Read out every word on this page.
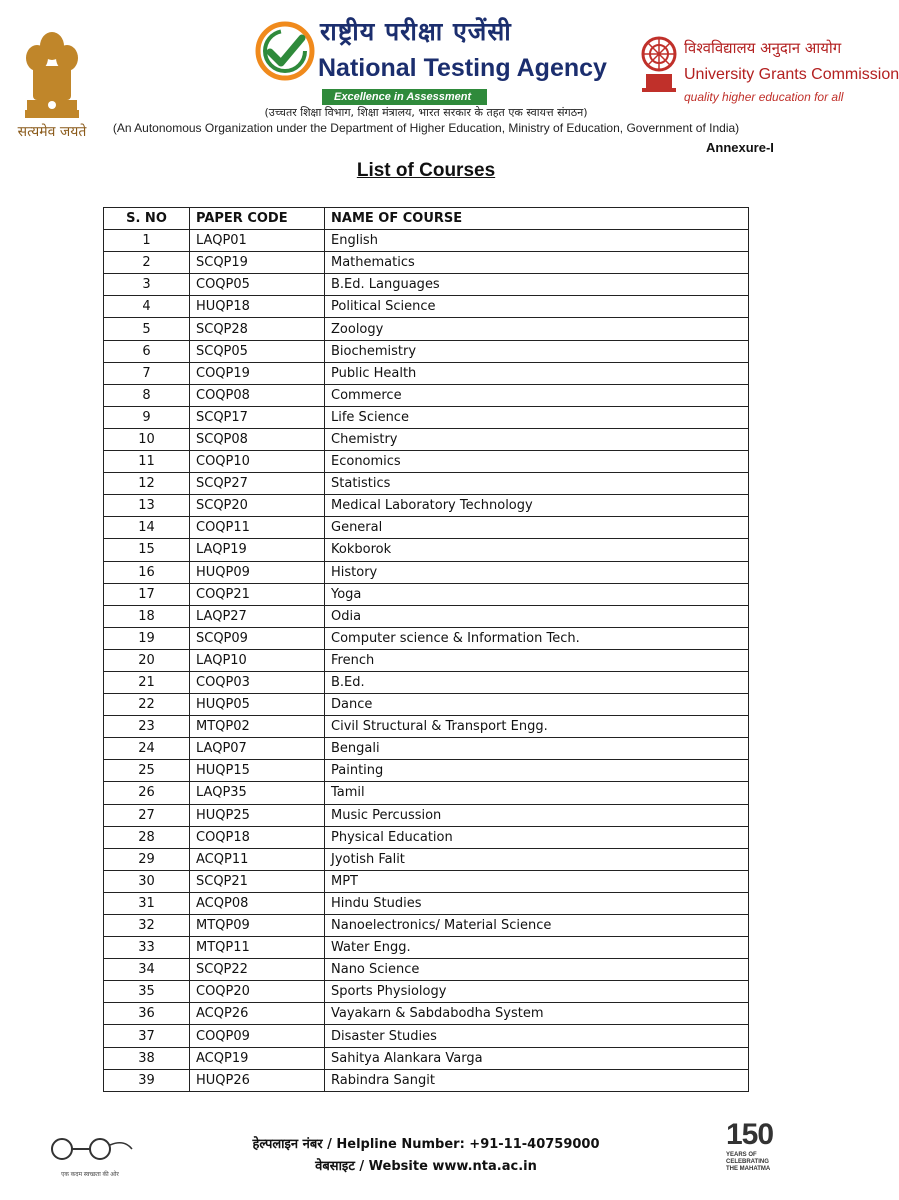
सत्यमेव जयते
राष्ट्रीय परीक्षा एजेंसी
National Testing Agency
Excellence in Assessment
विश्वविद्यालय अनुदान आयोग
University Grants Commission
quality higher education for all
(उच्चतर शिक्षा विभाग, शिक्षा मंत्रालय, भारत सरकार के तहत एक स्वायत्त संगठन)
(An Autonomous Organization under the Department of Higher Education, Ministry of Education, Government of India)
Annexure-I
List of Courses
S. NO	PAPER CODE	NAME OF COURSE
1	LAQP01	English
2	SCQP19	Mathematics
3	COQP05	B.Ed. Languages
4	HUQP18	Political Science
5	SCQP28	Zoology
6	SCQP05	Biochemistry
7	COQP19	Public Health
8	COQP08	Commerce
9	SCQP17	Life Science
10	SCQP08	Chemistry
11	COQP10	Economics
12	SCQP27	Statistics
13	SCQP20	Medical Laboratory Technology
14	COQP11	General
15	LAQP19	Kokborok
16	HUQP09	History
17	COQP21	Yoga
18	LAQP27	Odia
19	SCQP09	Computer science & Information Tech.
20	LAQP10	French
21	COQP03	B.Ed.
22	HUQP05	Dance
23	MTQP02	Civil Structural & Transport Engg.
24	LAQP07	Bengali
25	HUQP15	Painting
26	LAQP35	Tamil
27	HUQP25	Music Percussion
28	COQP18	Physical Education
29	ACQP11	Jyotish Falit
30	SCQP21	MPT
31	ACQP08	Hindu Studies
32	MTQP09	Nanoelectronics/ Material Science
33	MTQP11	Water Engg.
34	SCQP22	Nano Science
35	COQP20	Sports Physiology
36	ACQP26	Vayakarn & Sabdabodha System
37	COQP09	Disaster Studies
38	ACQP19	Sahitya Alankara Varga
39	HUQP26	Rabindra Sangit
एक कदम स्वच्छता की ओर
हेल्पलाइन नंबर / Helpline Number: +91-11-40759000
वेबसाइट / Website www.nta.ac.in
150
YEARS OF
CELEBRATING
THE MAHATMA
